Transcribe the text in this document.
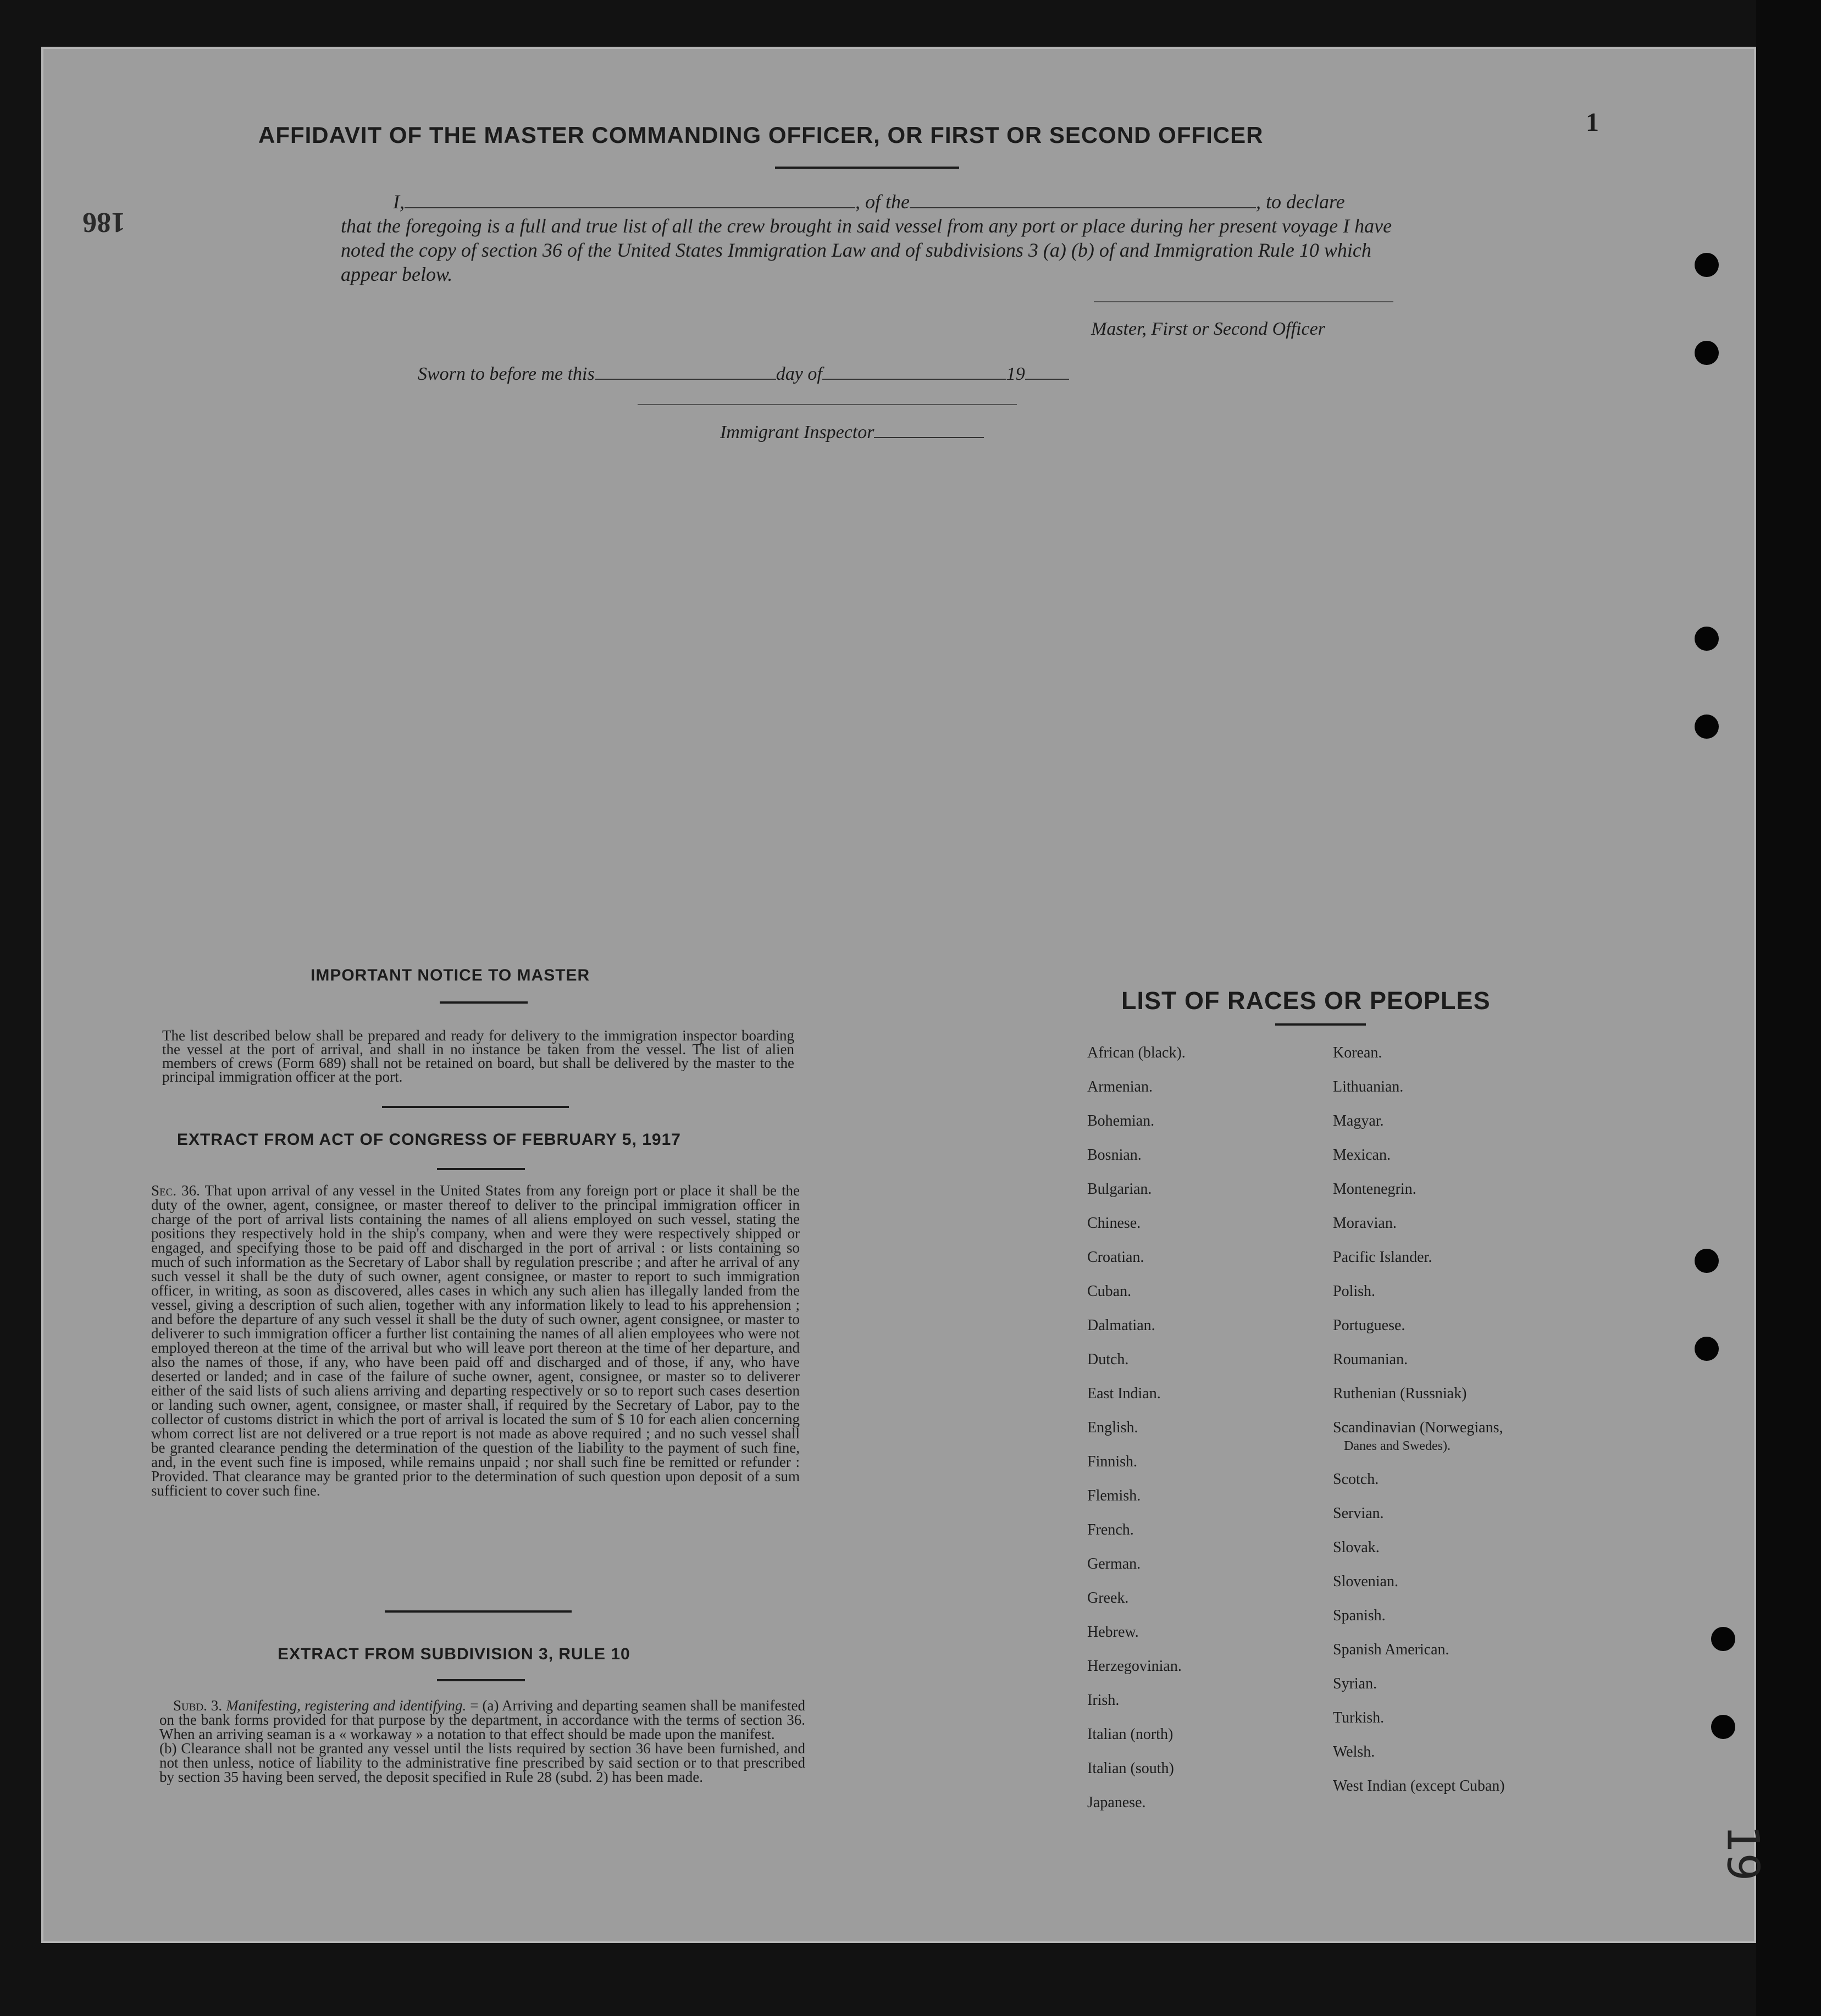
186
1
19
AFFIDAVIT OF THE MASTER COMMANDING OFFICER, OR FIRST OR SECOND OFFICER
I,	, of the	, to declare
that the foregoing is a full and true list of all the crew brought in said vessel from any port or place during her present voyage I have noted the copy of section 36 of the United States Immigration Law and of subdivisions 3 (a) (b) of and Immigration Rule 10 which appear below.
Master, First or Second Officer
Sworn to before me this	day of	19
Immigrant Inspector
IMPORTANT NOTICE TO MASTER
The list described below shall be prepared and ready for delivery to the immigration inspector boarding the vessel at the port of arrival, and shall in no instance be taken from the vessel. The list of alien members of crews (Form 689) shall not be retained on board, but shall be delivered by the master to the principal immigration officer at the port.
EXTRACT FROM ACT OF CONGRESS OF FEBRUARY 5, 1917
Sec. 36. That upon arrival of any vessel in the United States from any foreign port or place it shall be the duty of the owner, agent, consignee, or master thereof to deliver to the principal immigration officer in charge of the port of arrival lists containing the names of all aliens employed on such vessel, stating the positions they respectively hold in the ship's company, when and were they were respectively shipped or engaged, and specifying those to be paid off and discharged in the port of arrival : or lists containing so much of such information as the Secretary of Labor shall by regulation prescribe ; and after he arrival of any such vessel it shall be the duty of such owner, agent consignee, or master to report to such immigration officer, in writing, as soon as discovered, alles cases in which any such alien has illegally landed from the vessel, giving a description of such alien, together with any information likely to lead to his apprehension ; and before the departure of any such vessel it shall be the duty of such owner, agent consignee, or master to deliverer to such immigration officer a further list containing the names of all alien employees who were not employed thereon at the time of the arrival but who will leave port thereon at the time of her departure, and also the names of those, if any, who have been paid off and discharged and of those, if any, who have deserted or landed; and in case of the failure of suche owner, agent, consignee, or master so to deliverer either of the said lists of such aliens arriving and departing respectively or so to report such cases desertion or landing such owner, agent, consignee, or master shall, if required by the Secretary of Labor, pay to the collector of customs district in which the port of arrival is located the sum of $ 10 for each alien concerning whom correct list are not delivered or a true report is not made as above required ; and no such vessel shall be granted clearance pending the determination of the question of the liability to the payment of such fine, and, in the event such fine is imposed, while remains unpaid ; nor shall such fine be remitted or refunder : Provided. That clearance may be granted prior to the determination of such question upon deposit of a sum sufficient to cover such fine.
EXTRACT FROM SUBDIVISION 3, RULE 10
Subd. 3. Manifesting, registering and identifying. = (a) Arriving and departing seamen shall be manifested on the bank forms provided for that purpose by the department, in accordance with the terms of section 36. When an arriving seaman is a « workaway » a notation to that effect should be made upon the manifest.
(b) Clearance shall not be granted any vessel until the lists required by section 36 have been furnished, and not then unless, notice of liability to the administrative fine prescribed by said section or to that prescribed by section 35 having been served, the deposit specified in Rule 28 (subd. 2) has been made.
LIST OF RACES OR PEOPLES
African (black).
Armenian.
Bohemian.
Bosnian.
Bulgarian.
Chinese.
Croatian.
Cuban.
Dalmatian.
Dutch.
East Indian.
English.
Finnish.
Flemish.
French.
German.
Greek.
Hebrew.
Herzegovinian.
Irish.
Italian (north)
Italian (south)
Japanese.
Korean.
Lithuanian.
Magyar.
Mexican.
Montenegrin.
Moravian.
Pacific Islander.
Polish.
Portuguese.
Roumanian.
Ruthenian (Russniak)
Scandinavian (Norwegians,
Danes and Swedes).
Scotch.
Servian.
Slovak.
Slovenian.
Spanish.
Spanish American.
Syrian.
Turkish.
Welsh.
West Indian (except Cuban)
